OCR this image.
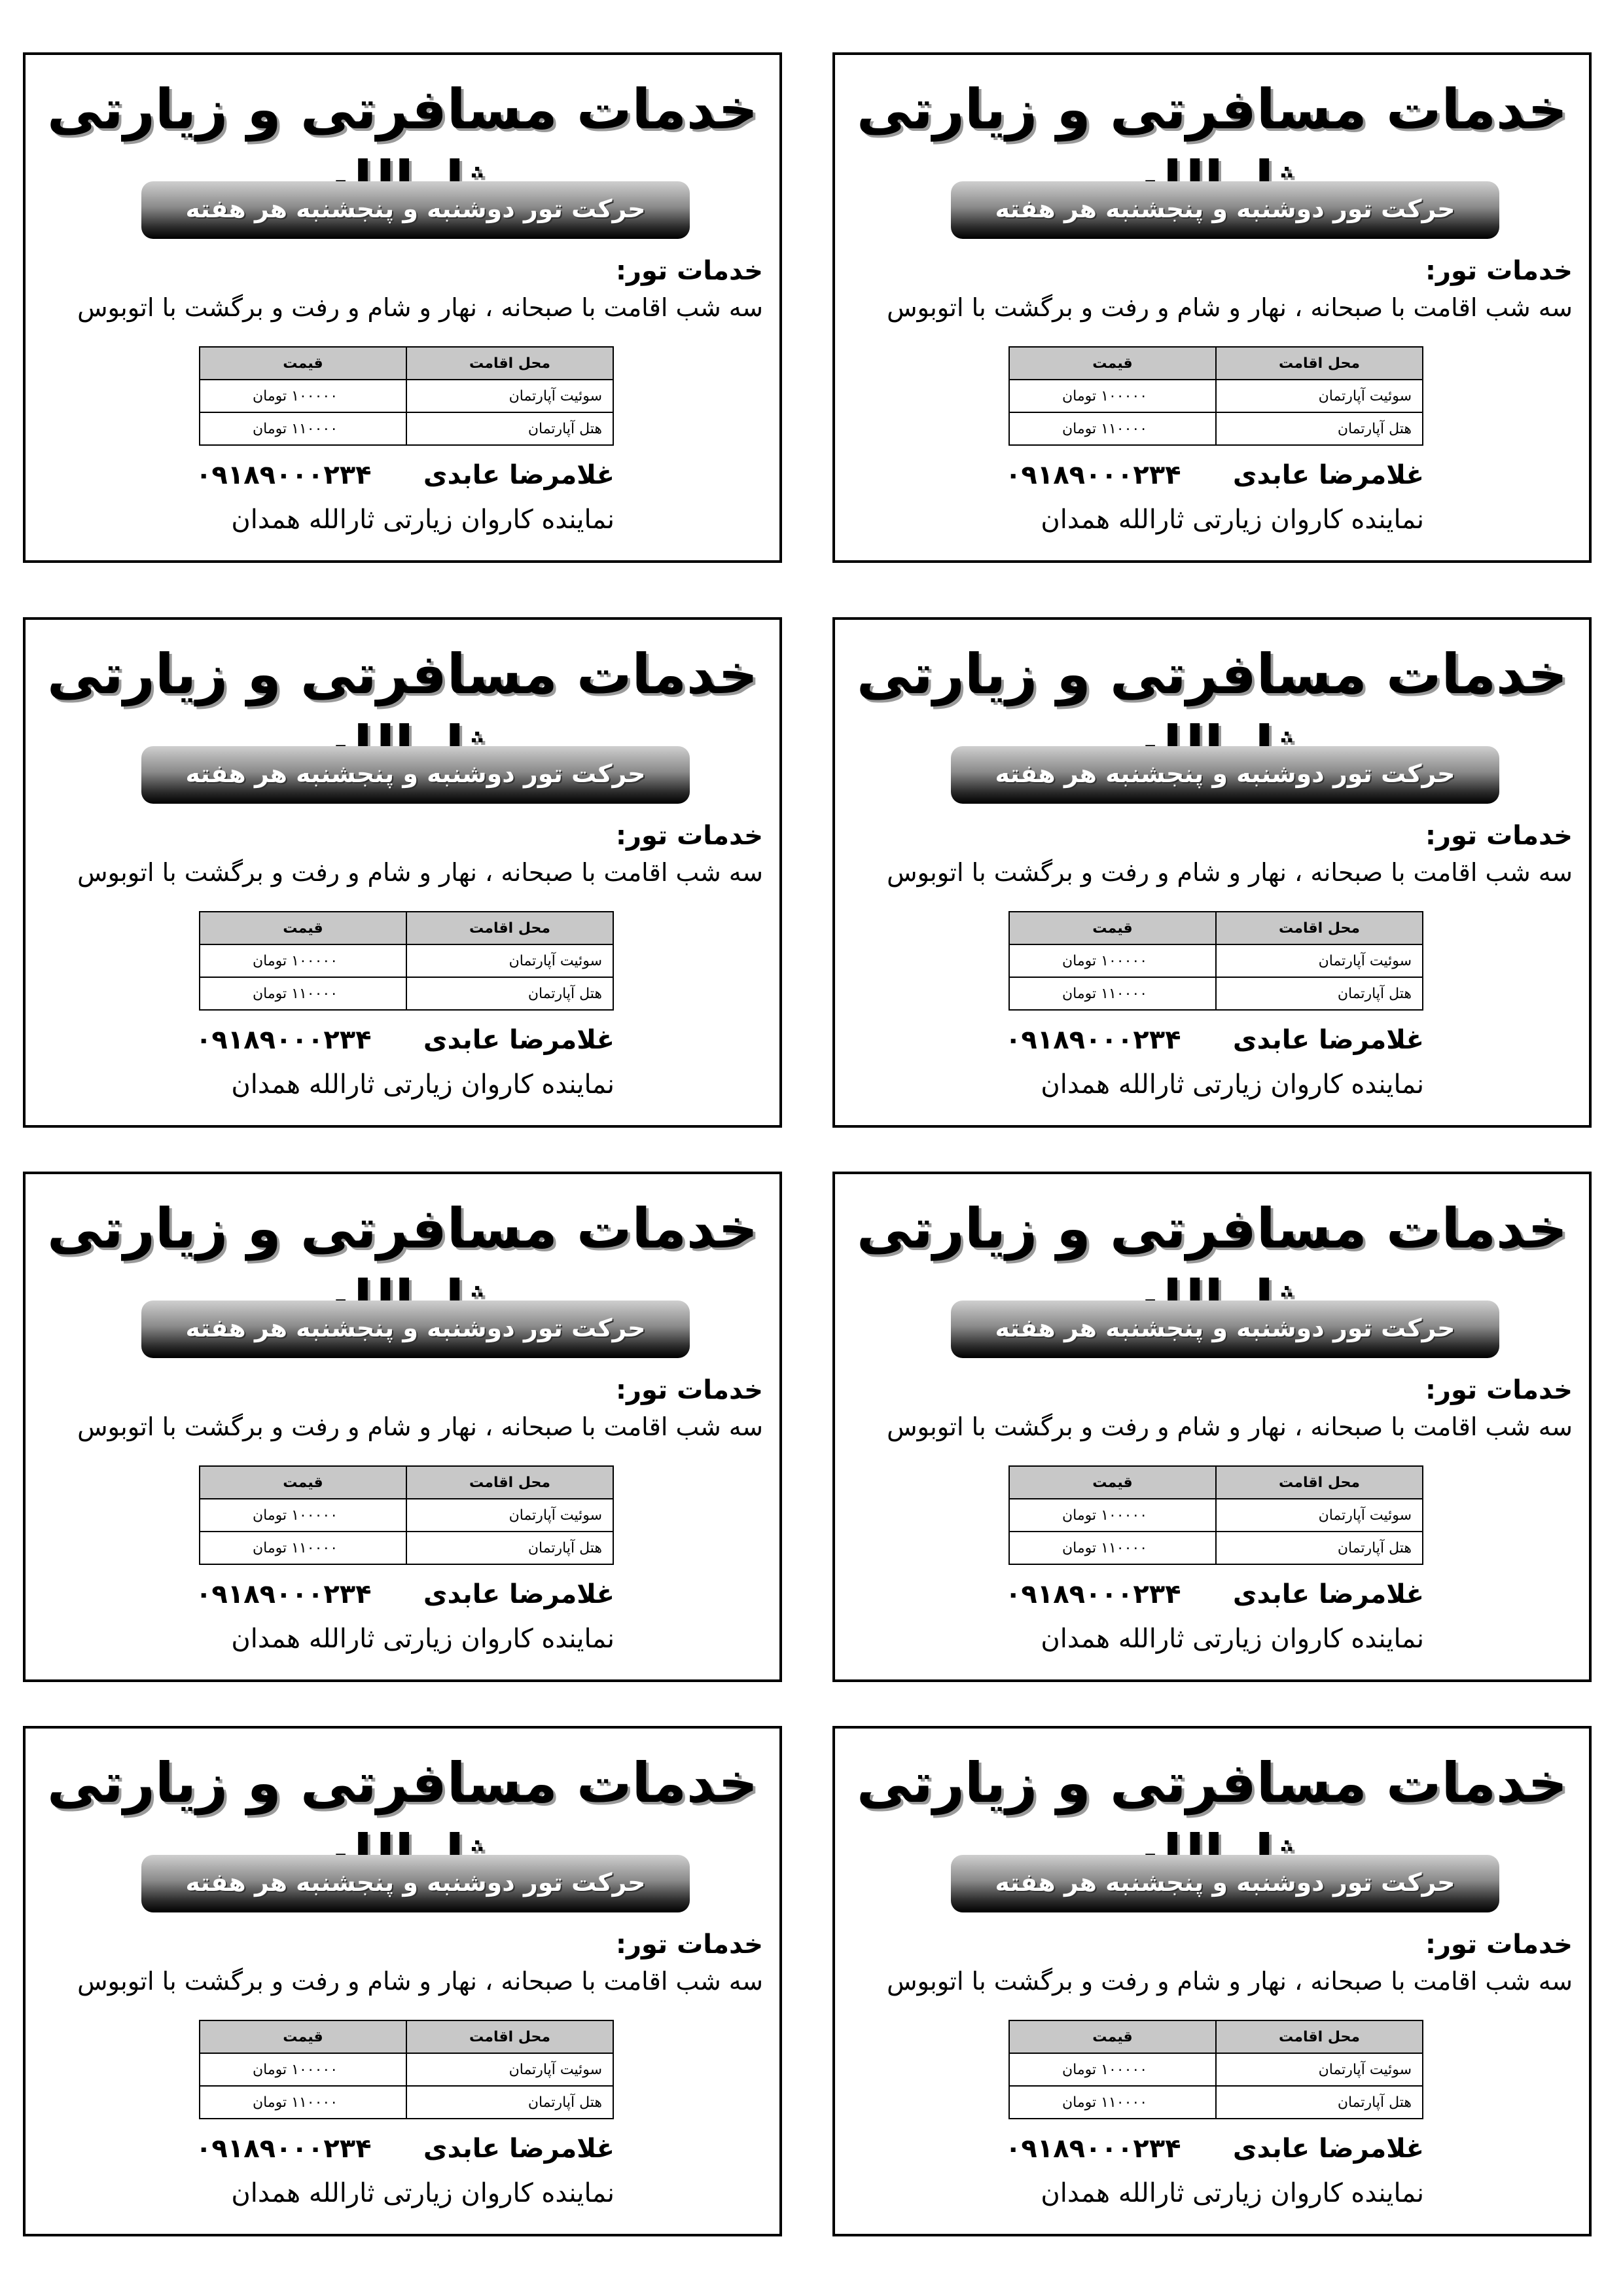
خدمات مسافرتی و زیارتی
حرکت تور دوشنبه و پنجشنبه هر هفته
خدمات تور:
سه شب اقامت با صبحانه ، نهار و شام و رفت و برگشت با اتوبوس
محل اقامت	قیمت
سوئیت آپارتمان	۱۰۰۰۰۰ تومان
هتل آپارتمان	۱۱۰۰۰۰ تومان
غلامرضا عابدی
۰۹۱۸۹۰۰۰۲۳۴
نماینده کاروان زیارتی ثارالله همدان
خدمات مسافرتی و زیارتی
حرکت تور دوشنبه و پنجشنبه هر هفته
خدمات تور:
سه شب اقامت با صبحانه ، نهار و شام و رفت و برگشت با اتوبوس
محل اقامت	قیمت
سوئیت آپارتمان	۱۰۰۰۰۰ تومان
هتل آپارتمان	۱۱۰۰۰۰ تومان
غلامرضا عابدی
۰۹۱۸۹۰۰۰۲۳۴
نماینده کاروان زیارتی ثارالله همدان
خدمات مسافرتی و زیارتی
حرکت تور دوشنبه و پنجشنبه هر هفته
خدمات تور:
سه شب اقامت با صبحانه ، نهار و شام و رفت و برگشت با اتوبوس
محل اقامت	قیمت
سوئیت آپارتمان	۱۰۰۰۰۰ تومان
هتل آپارتمان	۱۱۰۰۰۰ تومان
غلامرضا عابدی
۰۹۱۸۹۰۰۰۲۳۴
نماینده کاروان زیارتی ثارالله همدان
خدمات مسافرتی و زیارتی
حرکت تور دوشنبه و پنجشنبه هر هفته
خدمات تور:
سه شب اقامت با صبحانه ، نهار و شام و رفت و برگشت با اتوبوس
محل اقامت	قیمت
سوئیت آپارتمان	۱۰۰۰۰۰ تومان
هتل آپارتمان	۱۱۰۰۰۰ تومان
غلامرضا عابدی
۰۹۱۸۹۰۰۰۲۳۴
نماینده کاروان زیارتی ثارالله همدان
خدمات مسافرتی و زیارتی
حرکت تور دوشنبه و پنجشنبه هر هفته
خدمات تور:
سه شب اقامت با صبحانه ، نهار و شام و رفت و برگشت با اتوبوس
محل اقامت	قیمت
سوئیت آپارتمان	۱۰۰۰۰۰ تومان
هتل آپارتمان	۱۱۰۰۰۰ تومان
غلامرضا عابدی
۰۹۱۸۹۰۰۰۲۳۴
نماینده کاروان زیارتی ثارالله همدان
خدمات مسافرتی و زیارتی
حرکت تور دوشنبه و پنجشنبه هر هفته
خدمات تور:
سه شب اقامت با صبحانه ، نهار و شام و رفت و برگشت با اتوبوس
محل اقامت	قیمت
سوئیت آپارتمان	۱۰۰۰۰۰ تومان
هتل آپارتمان	۱۱۰۰۰۰ تومان
غلامرضا عابدی
۰۹۱۸۹۰۰۰۲۳۴
نماینده کاروان زیارتی ثارالله همدان
خدمات مسافرتی و زیارتی
حرکت تور دوشنبه و پنجشنبه هر هفته
خدمات تور:
سه شب اقامت با صبحانه ، نهار و شام و رفت و برگشت با اتوبوس
محل اقامت	قیمت
سوئیت آپارتمان	۱۰۰۰۰۰ تومان
هتل آپارتمان	۱۱۰۰۰۰ تومان
غلامرضا عابدی
۰۹۱۸۹۰۰۰۲۳۴
نماینده کاروان زیارتی ثارالله همدان
خدمات مسافرتی و زیارتی
حرکت تور دوشنبه و پنجشنبه هر هفته
خدمات تور:
سه شب اقامت با صبحانه ، نهار و شام و رفت و برگشت با اتوبوس
محل اقامت	قیمت
سوئیت آپارتمان	۱۰۰۰۰۰ تومان
هتل آپارتمان	۱۱۰۰۰۰ تومان
غلامرضا عابدی
۰۹۱۸۹۰۰۰۲۳۴
نماینده کاروان زیارتی ثارالله همدان
